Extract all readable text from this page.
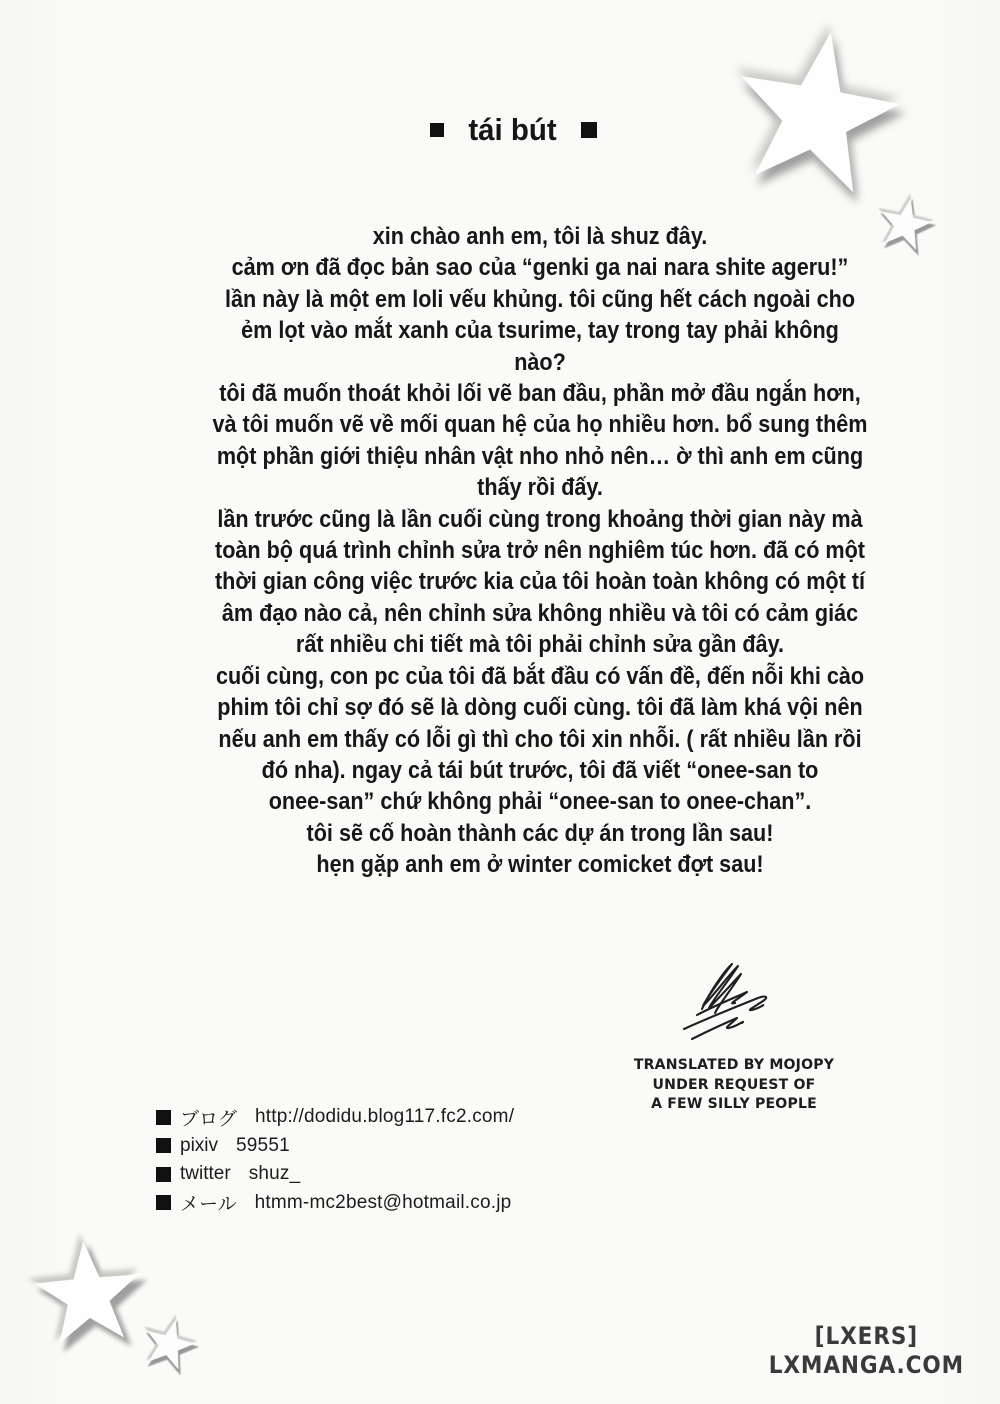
tái bút
xin chào anh em, tôi là shuz đây.
cảm ơn đã đọc bản sao của “genki ga nai nara shite ageru!”
lần này là một em loli vếu khủng. tôi cũng hết cách ngoài cho
ẻm lọt vào mắt xanh của tsurime, tay trong tay phải không
nào?
tôi đã muốn thoát khỏi lối vẽ ban đầu, phần mở đầu ngắn hơn,
và tôi muốn vẽ về mối quan hệ của họ nhiều hơn. bổ sung thêm
một phần giới thiệu nhân vật nho nhỏ nên… ờ thì anh em cũng
thấy rồi đấy.
lần trước cũng là lần cuối cùng trong khoảng thời gian này mà
toàn bộ quá trình chỉnh sửa trở nên nghiêm túc hơn. đã có một
thời gian công việc trước kia của tôi hoàn toàn không có một tí
âm đạo nào cả, nên chỉnh sửa không nhiều và tôi có cảm giác
rất nhiều chi tiết mà tôi phải chỉnh sửa gần đây.
cuối cùng, con pc của tôi đã bắt đầu có vấn đề, đến nỗi khi cào
phim tôi chỉ sợ đó sẽ là dòng cuối cùng. tôi đã làm khá vội nên
nếu anh em thấy có lỗi gì thì cho tôi xin nhỗi. ( rất nhiều lần rồi
đó nha). ngay cả tái bút trước, tôi đã viết “onee-san to
onee-san” chứ không phải “onee-san to onee-chan”.
tôi sẽ cố hoàn thành các dự án trong lần sau!
hẹn gặp anh em ở winter comicket đợt sau!
TRANSLATED BY MOJOPY
UNDER REQUEST OF
A FEW SILLY PEOPLE
ブログ http://dodidu.blog117.fc2.com/
pixiv 59551
twitter shuz_
メール htmm-mc2best@hotmail.co.jp
[LXERS]
LXMANGA.COM
